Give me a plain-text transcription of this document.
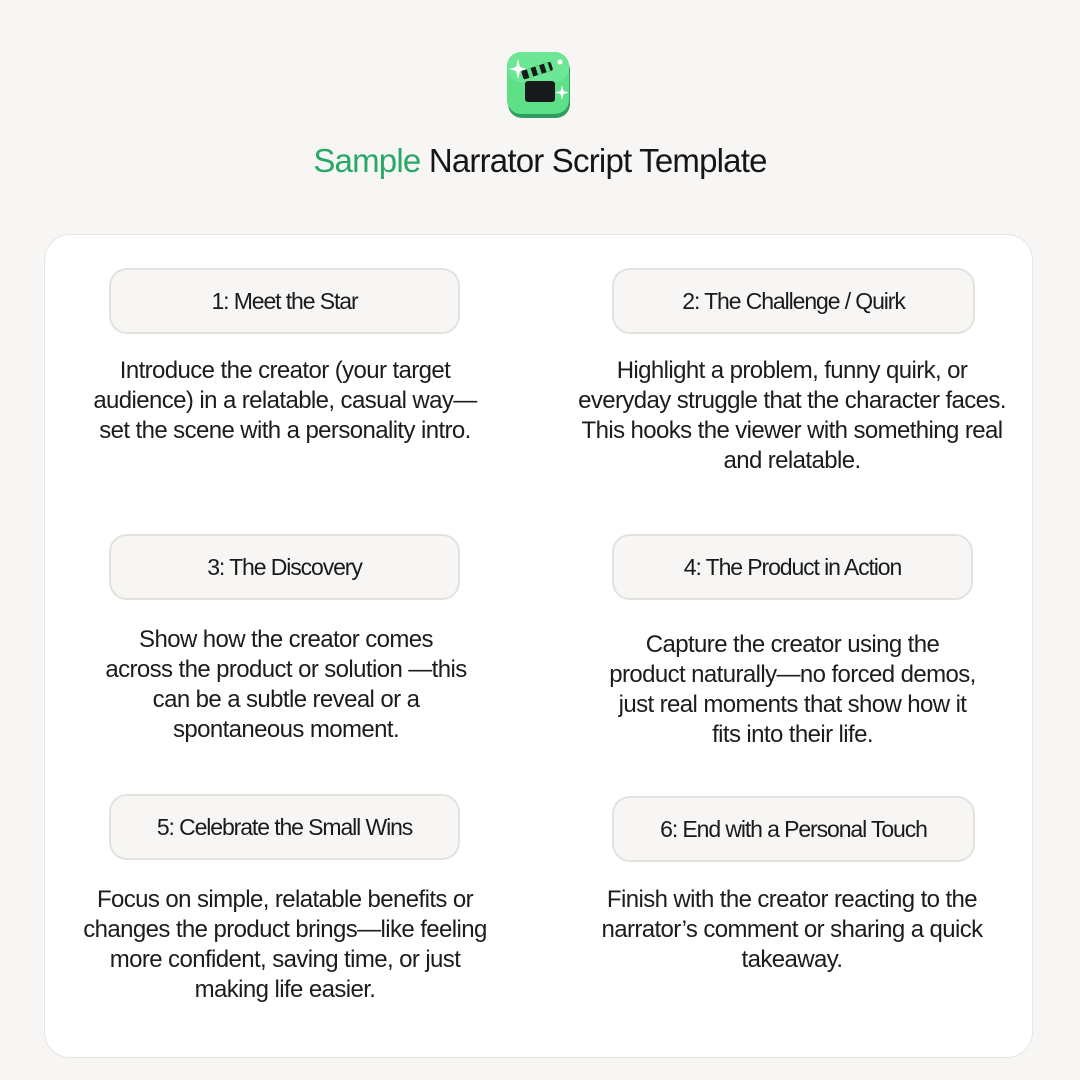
Sample Narrator Script Template
1: Meet the Star
Introduce the creator (your target audience) in a relatable, casual way—set the scene with a personality intro.
2: The Challenge / Quirk
Highlight a problem, funny quirk, or everyday struggle that the character faces. This hooks the viewer with something real and relatable.
3: The Discovery
Show how the creator comes across the product or solution —this can be a subtle reveal or a spontaneous moment.
4: The Product in Action
Capture the creator using the product naturally—no forced demos, just real moments that show how it fits into their life.
5: Celebrate the Small Wins
Focus on simple, relatable benefits or changes the product brings—like feeling more confident, saving time, or just making life easier.
6: End with a Personal Touch
Finish with the creator reacting to the narrator’s comment or sharing a quick takeaway.
